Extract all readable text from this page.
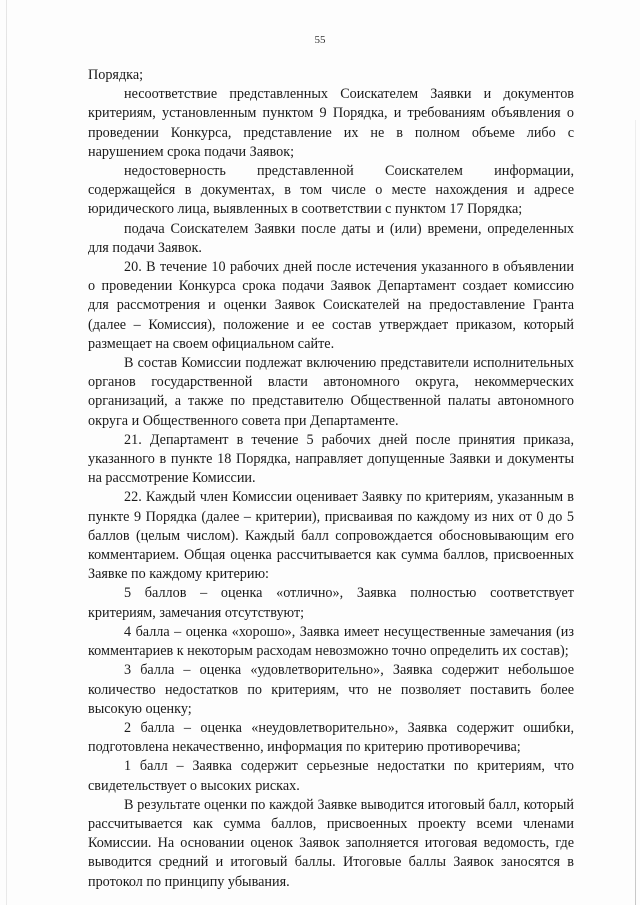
55

Порядка;

несоответствие представленных Соискателем Заявки и документов критериям, установленным пунктом 9 Порядка, и требованиям объявления о проведении Конкурса, представление их не в полном объеме либо с нарушением срока подачи Заявок;

недостоверность представленной Соискателем информации, содержащейся в документах, в том числе о месте нахождения и адресе юридического лица, выявленных в соответствии с пунктом 17 Порядка;

подача Соискателем Заявки после даты и (или) времени, определенных для подачи Заявок.

20. В течение 10 рабочих дней после истечения указанного в объявлении о проведении Конкурса срока подачи Заявок Департамент создает комиссию для рассмотрения и оценки Заявок Соискателей на предоставление Гранта (далее – Комиссия), положение и ее состав утверждает приказом, который размещает на своем официальном сайте.

В состав Комиссии подлежат включению представители исполнительных органов государственной власти автономного округа, некоммерческих организаций, а также по представителю Общественной палаты автономного округа и Общественного совета при Департаменте.

21. Департамент в течение 5 рабочих дней после принятия приказа, указанного в пункте 18 Порядка, направляет допущенные Заявки и документы на рассмотрение Комиссии.

22. Каждый член Комиссии оценивает Заявку по критериям, указанным в пункте 9 Порядка (далее – критерии), присваивая по каждому из них от 0 до 5 баллов (целым числом). Каждый балл сопровождается обосновывающим его комментарием. Общая оценка рассчитывается как сумма баллов, присвоенных Заявке по каждому критерию:

5 баллов – оценка «отлично», Заявка полностью соответствует критериям, замечания отсутствуют;

4 балла – оценка «хорошо», Заявка имеет несущественные замечания (из комментариев к некоторым расходам невозможно точно определить их состав);

3 балла – оценка «удовлетворительно», Заявка содержит небольшое количество недостатков по критериям, что не позволяет поставить более высокую оценку;

2 балла – оценка «неудовлетворительно», Заявка содержит ошибки, подготовлена некачественно, информация по критерию противоречива;

1 балл – Заявка содержит серьезные недостатки по критериям, что свидетельствует о высоких рисках.

В результате оценки по каждой Заявке выводится итоговый балл, который рассчитывается как сумма баллов, присвоенных проекту всеми членами Комиссии. На основании оценок Заявок заполняется итоговая ведомость, где выводится средний и итоговый баллы. Итоговые баллы Заявок заносятся в протокол по принципу убывания.
